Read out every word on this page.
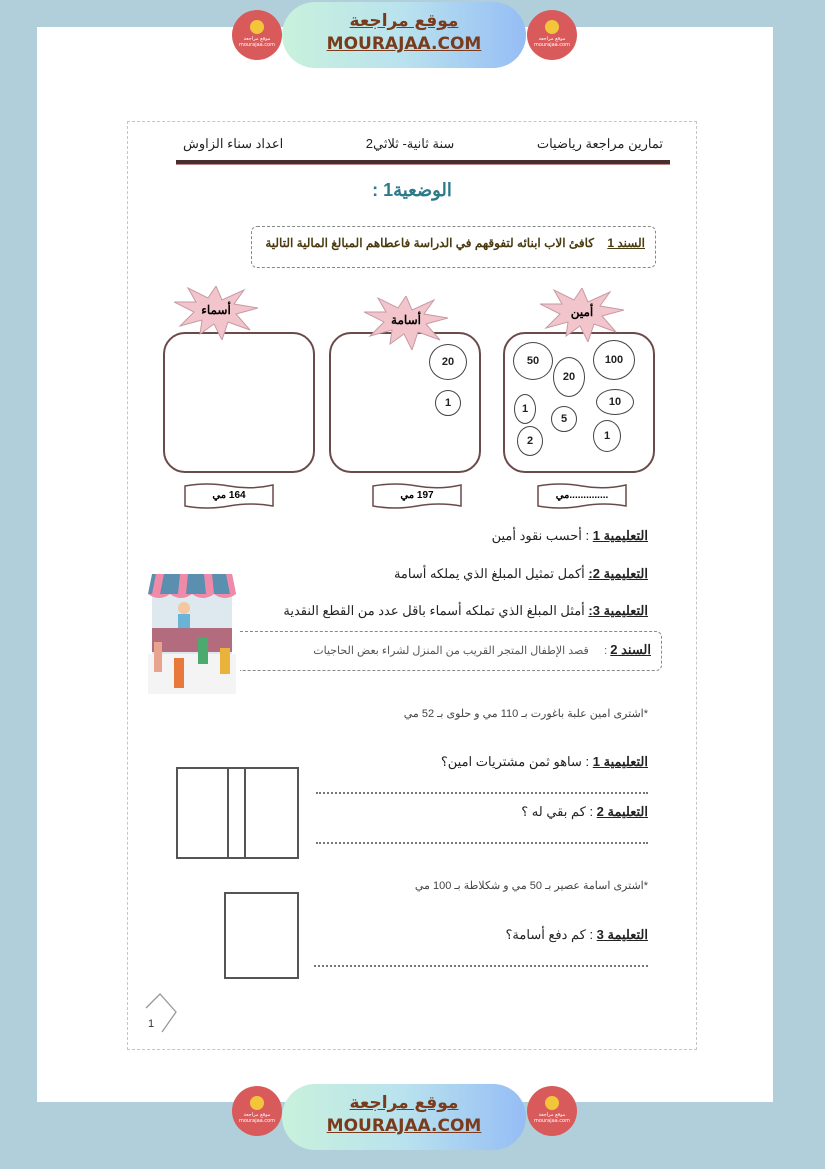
موقع مراجعة
mourajaa.com
موقع مراجعة
MOURAJAA.COM	موقع مراجعة
mourajaa.com
تمارين مراجعة رياضيات
سنة ثانية- ثلاثي2
اعداد سناء الزاوش
الوضعية1 :
السند 1    كافئ الاب ابنائه لتفوقهم في الدراسة فاعطاهم المبالغ المالية التالية
50
20
100
1
5
10
2	1
20
1
أمين
أسامة
أسماء
..............مي
197 مي
164 مي
التعليمية 1 : أحسب نقود أمين
التعليمية 2: أكمل تمثيل المبلغ الذي يملكه أسامة
التعليمية 3: أمثل المبلغ الذي تملكه أسماء باقل عدد من القطع النقدية
السند 2 :     قصد الإطفال المتجر القريب من المنزل لشراء بعض الحاجيات
*اشترى امين علبة باغورت بـ 110 مي و حلوى بـ 52 مي
التعليمية 1 : ساهو ثمن مشتريات امين؟
التعليمة 2 : كم بقي له ؟
*اشترى اسامة عصير بـ 50 مي و شكلاطة بـ 100 مي
التعليمة 3 : كم دفع أسامة؟
1
موقع مراجعة
mourajaa.com
موقع مراجعة
MOURAJAA.COM
موقع مراجعة
mourajaa.com
